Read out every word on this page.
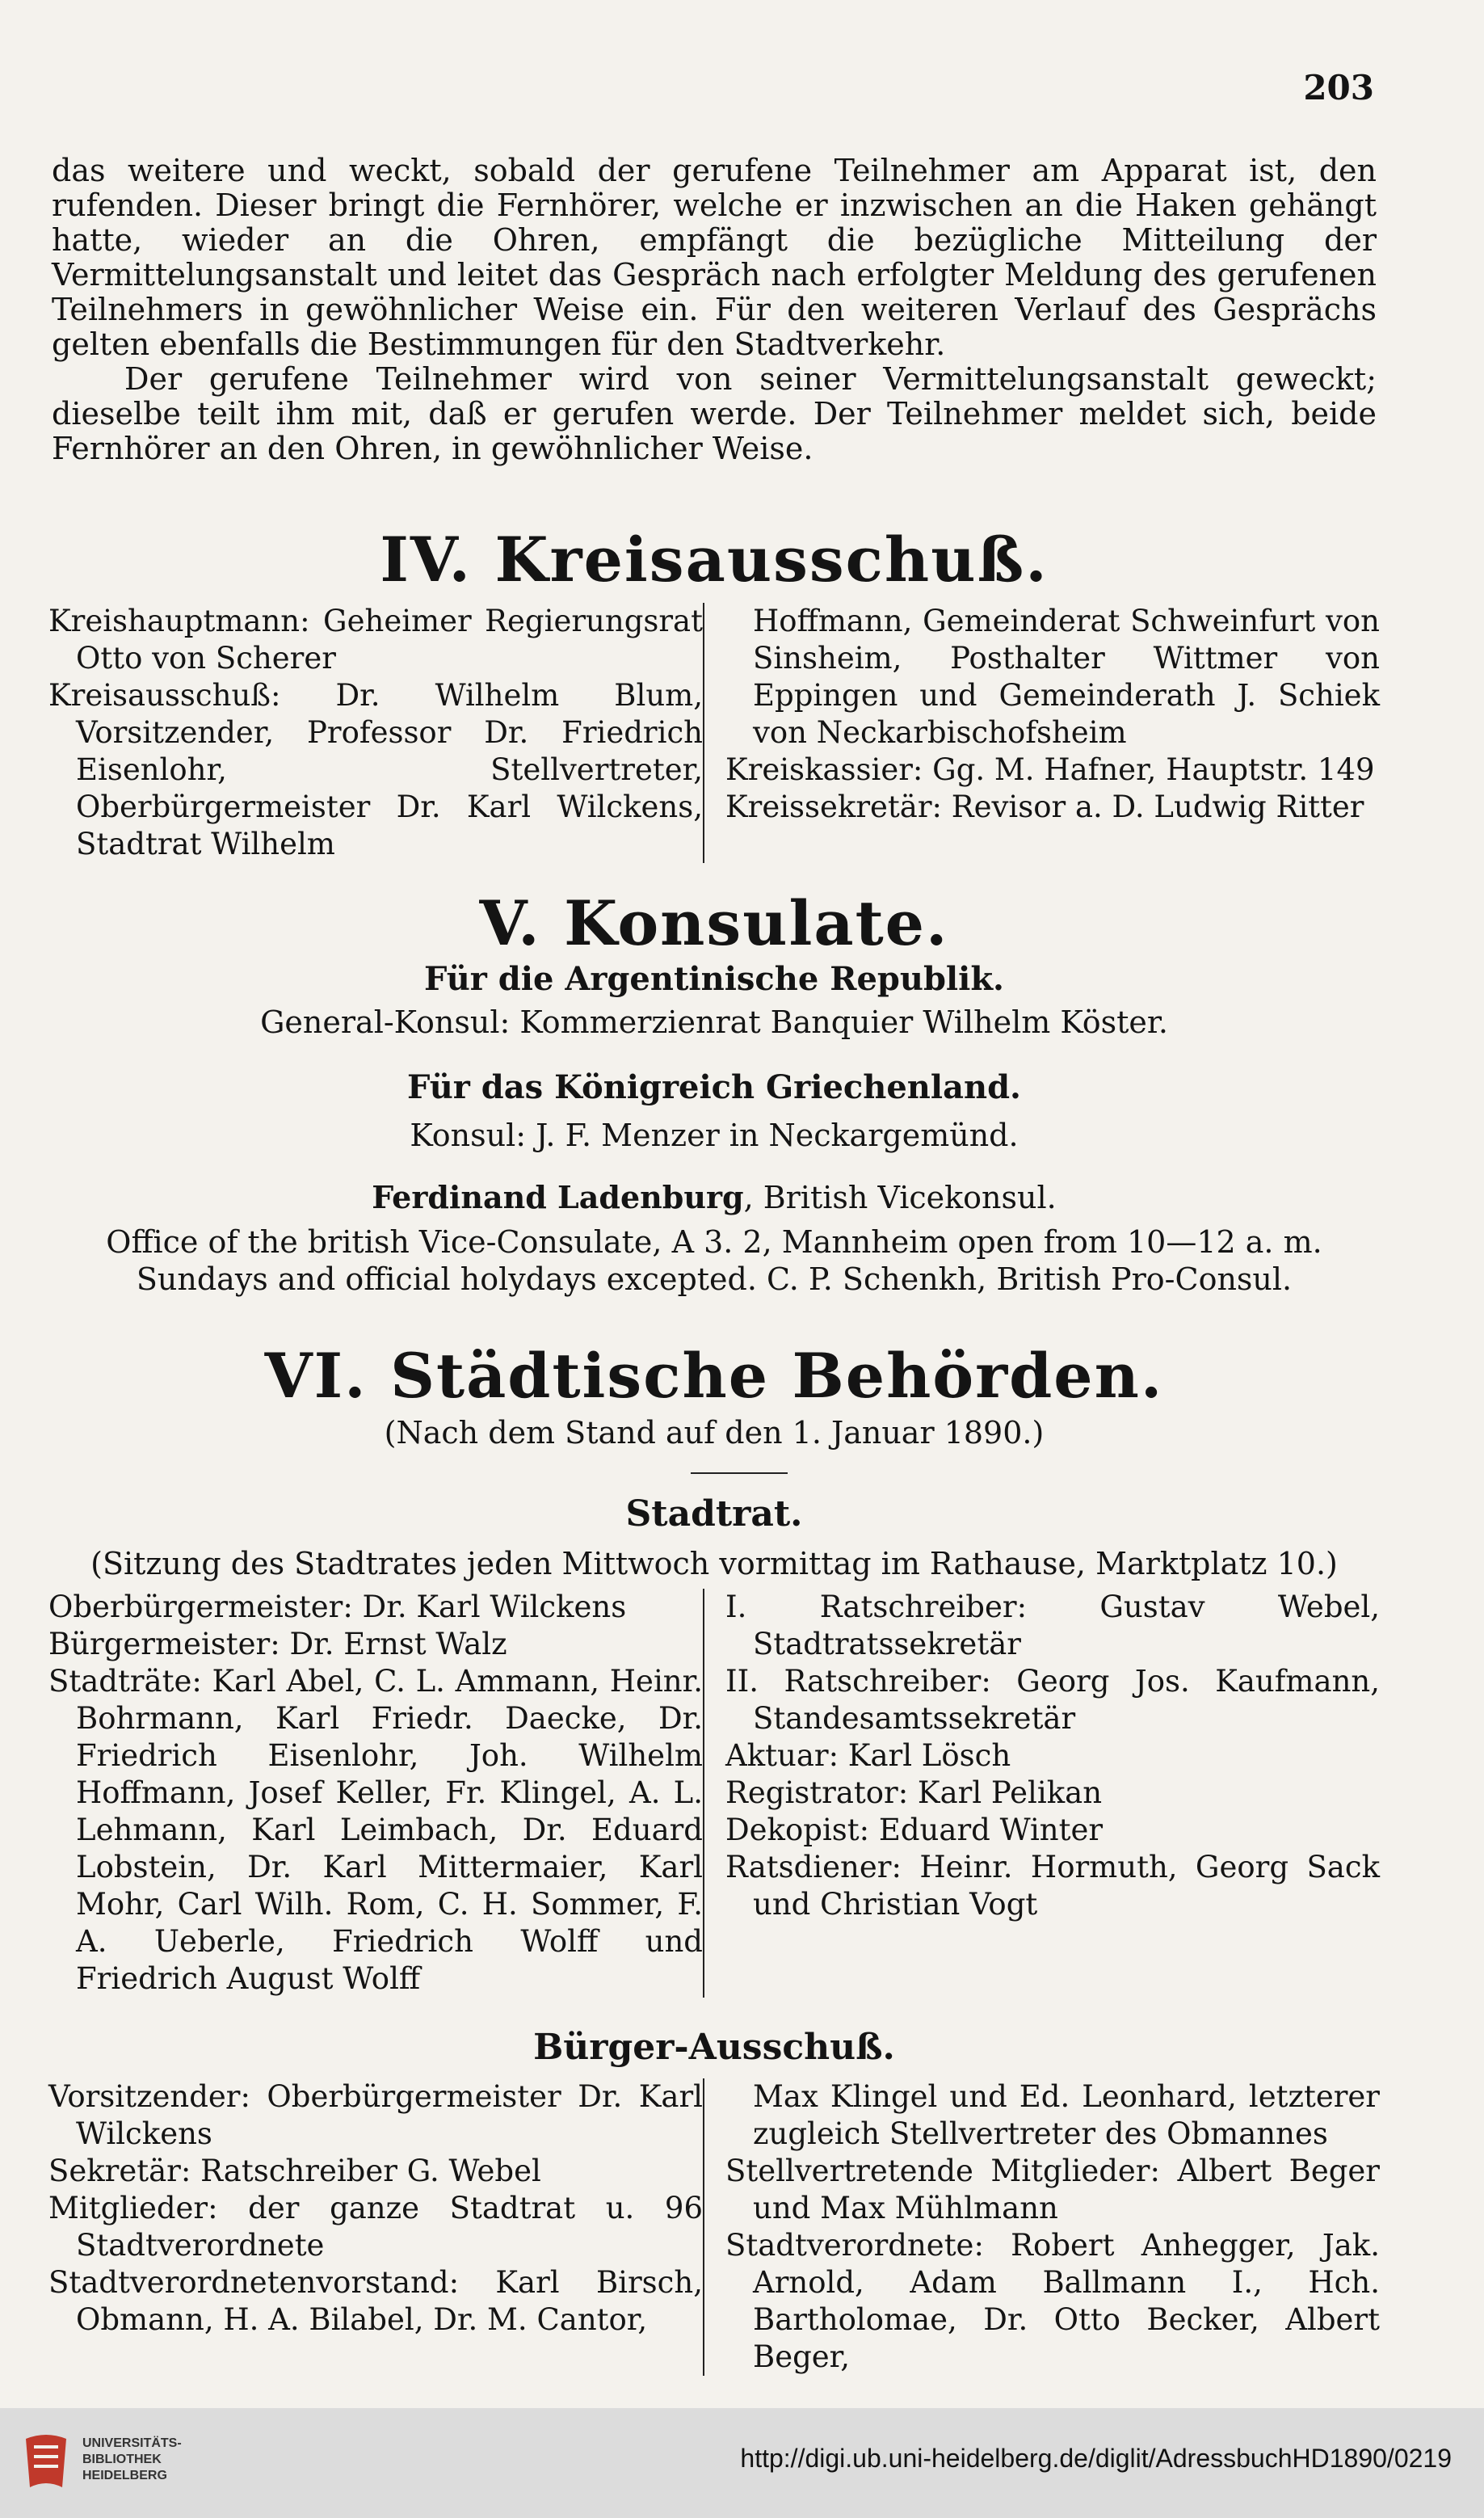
203

das weitere und weckt, sobald der gerufene Teilnehmer am Apparat ist, den rufenden. Dieser bringt die Fernhörer, welche er inzwischen an die Haken gehängt hatte, wieder an die Ohren, empfängt die bezügliche Mitteilung der Vermittelungsanstalt und leitet das Gespräch nach erfolgter Meldung des gerufenen Teilnehmers in gewöhnlicher Weise ein. Für den weiteren Verlauf des Gesprächs gelten ebenfalls die Bestimmungen für den Stadtverkehr.

Der gerufene Teilnehmer wird von seiner Vermittelungsanstalt geweckt; dieselbe teilt ihm mit, daß er gerufen werde. Der Teilnehmer meldet sich, beide Fernhörer an den Ohren, in gewöhnlicher Weise.

IV. Kreisausschuß.

Kreishauptmann: Geheimer Regierungsrat Otto von Scherer

Kreisausschuß: Dr. Wilhelm Blum, Vorsitzender, Professor Dr. Friedrich Eisenlohr, Stellvertreter, Oberbürgermeister Dr. Karl Wilckens, Stadtrat Wilhelm

Hoffmann, Gemeinderat Schweinfurt von Sinsheim, Posthalter Wittmer von Eppingen und Gemeinderath J. Schiek von Neckarbischofsheim

Kreiskassier: Gg. M. Hafner, Hauptstr. 149

Kreissekretär: Revisor a. D. Ludwig Ritter

V. Konsulate.
Für die Argentinische Republik.
General-Konsul: Kommerzienrat Banquier Wilhelm Köster.
Für das Königreich Griechenland.
Konsul: J. F. Menzer in Neckargemünd.
Ferdinand Ladenburg, British Vicekonsul.
Office of the british Vice-Consulate, A 3. 2, Mannheim open from 10—12 a. m.
Sundays and official holydays excepted. C. P. Schenkh, British Pro-Consul.
VI. Städtische Behörden.
(Nach dem Stand auf den 1. Januar 1890.)
Stadtrat.
(Sitzung des Stadtrates jeden Mittwoch vormittag im Rathause, Marktplatz 10.)

Oberbürgermeister: Dr. Karl Wilckens

Bürgermeister: Dr. Ernst Walz

Stadträte: Karl Abel, C. L. Ammann, Heinr. Bohrmann, Karl Friedr. Daecke, Dr. Friedrich Eisenlohr, Joh. Wilhelm Hoffmann, Josef Keller, Fr. Klingel, A. L. Lehmann, Karl Leimbach, Dr. Eduard Lobstein, Dr. Karl Mittermaier, Karl Mohr, Carl Wilh. Rom, C. H. Sommer, F. A. Ueberle, Friedrich Wolff und Friedrich August Wolff

I. Ratschreiber: Gustav Webel, Stadtratssekretär

II. Ratschreiber: Georg Jos. Kaufmann, Standesamtssekretär

Aktuar: Karl Lösch

Registrator: Karl Pelikan

Dekopist: Eduard Winter

Ratsdiener: Heinr. Hormuth, Georg Sack und Christian Vogt

Bürger-Ausschuß.

Vorsitzender: Oberbürgermeister Dr. Karl Wilckens

Sekretär: Ratschreiber G. Webel

Mitglieder: der ganze Stadtrat u. 96 Stadtverordnete

Stadtverordnetenvorstand: Karl Birsch, Obmann, H. A. Bilabel, Dr. M. Cantor,

Max Klingel und Ed. Leonhard, letzterer zugleich Stellvertreter des Obmannes

Stellvertretende Mitglieder: Albert Beger und Max Mühlmann

Stadtverordnete: Robert Anhegger, Jak. Arnold, Adam Ballmann I., Hch. Bartholomae, Dr. Otto Becker, Albert Beger,

UNIVERSITÄTS-
BIBLIOTHEK
HEIDELBERG
http://digi.ub.uni-heidelberg.de/diglit/AdressbuchHD1890/0219
